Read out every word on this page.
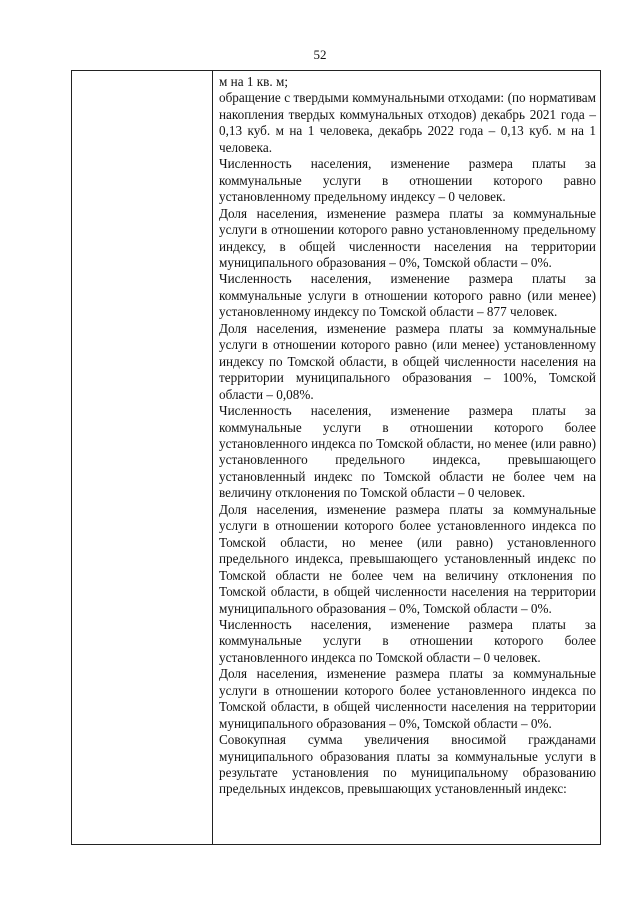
52

м на 1 кв. м;

обращение с твердыми коммунальными отходами: (по нормативам накопления твердых коммунальных отходов) декабрь 2021 года – 0,13 куб. м на 1 человека, декабрь 2022 года – 0,13 куб. м на 1 человека.

Численность населения, изменение размера платы за коммунальные услуги в отношении которого равно установленному предельному индексу – 0 человек.

Доля населения, изменение размера платы за коммунальные услуги в отношении которого равно установленному предельному индексу, в общей численности населения на территории муниципального образования – 0%, Томской области – 0%.

Численность населения, изменение размера платы за коммунальные услуги в отношении которого равно (или менее) установленному индексу по Томской области – 877 человек.

Доля населения, изменение размера платы за коммунальные услуги в отношении которого равно (или менее) установленному индексу по Томской области, в общей численности населения на территории муниципального образования – 100%, Томской области – 0,08%.

Численность населения, изменение размера платы за коммунальные услуги в отношении которого более установленного индекса по Томской области, но менее (или равно) установленного предельного индекса, превышающего установленный индекс по Томской области не более чем на величину отклонения по Томской области – 0 человек.

Доля населения, изменение размера платы за коммунальные услуги в отношении которого более установленного индекса по Томской области, но менее (или равно) установленного предельного индекса, превышающего установленный индекс по Томской области не более чем на величину отклонения по Томской области, в общей численности населения на территории муниципального образования – 0%, Томской области – 0%.

Численность населения, изменение размера платы за коммунальные услуги в отношении которого более установленного индекса по Томской области – 0 человек.

Доля населения, изменение размера платы за коммунальные услуги в отношении которого более установленного индекса по Томской области, в общей численности населения на территории муниципального образования – 0%, Томской области – 0%.

Совокупная сумма увеличения вносимой гражданами муниципального образования платы за коммунальные услуги в результате установления по муниципальному образованию предельных индексов, превышающих установленный индекс:
